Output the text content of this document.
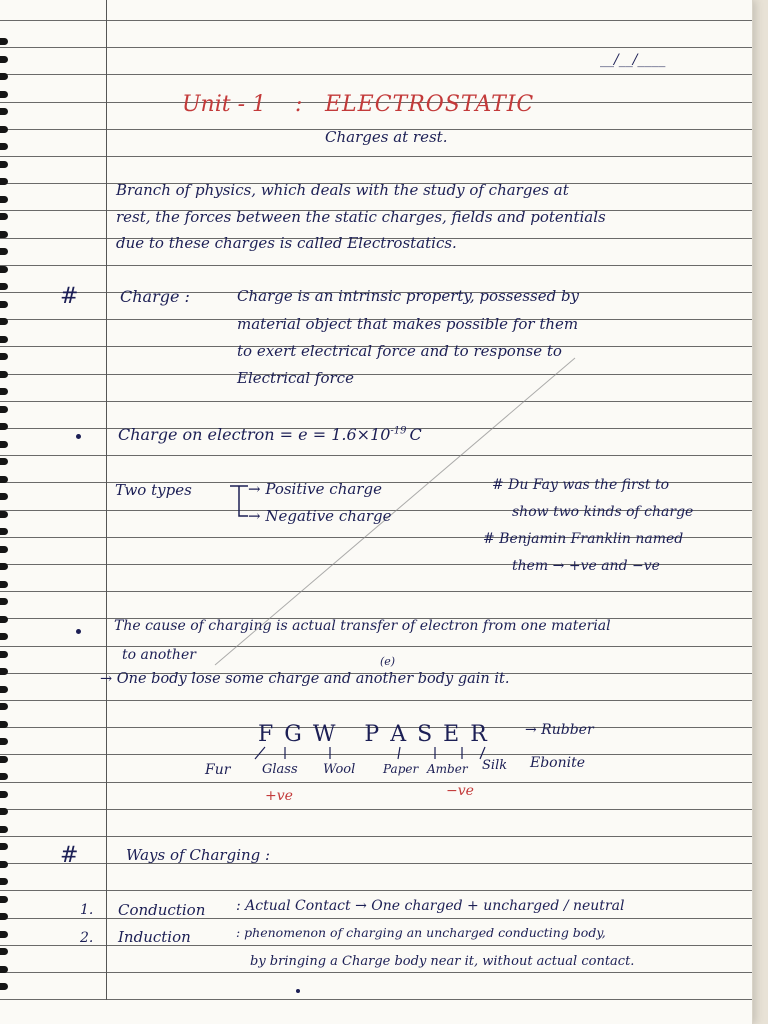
__/__/____
Unit - 1 : ELECTROSTATIC
Charges at rest.
Branch of physics, which deals with the study of charges at
rest, the forces between the static charges, fields and potentials
due to these charges is called Electrostatics.
#	Charge :	Charge is an intrinsic property, possessed by
material object that makes possible for them
to exert electrical force and to response to
Electrical force
Charge on electron = $e = 1.6\times 10^{-19}$ C
Two types	→ Positive charge
→ Negative charge
# Du Fay was the first to
show two kinds of charge
# Benjamin Franklin named
them → +ve and −ve
The cause of charging is actual transfer of electron from one material
to another	(e)
→ One body lose some charge and another body gain it.
F G W   P A S E R	→ Rubber
Fur Glass Wool Paper Amber Silk Ebonite
+ve	−ve
#	Ways of Charging :
1. Conduction : Actual Contact → One charged + uncharged / neutral
2. Induction	: phenomenon of charging an uncharged conducting body,
by bringing a Charge body near it, without actual contact.
